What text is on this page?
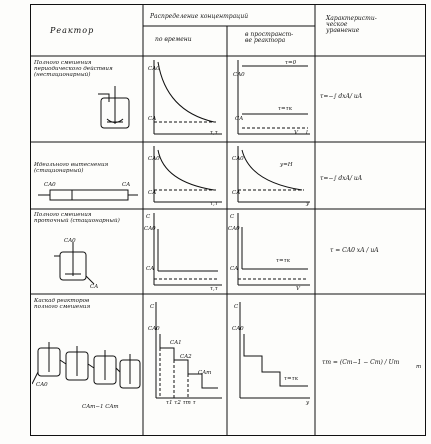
Реактор
Распределение концентраций
по времени
в пространст-
ве реактора
Характеристи-
ческое
уравнение
Полного смешения
периодического действия
(нестационарный)
CA0
CA
τ,τ
CA0
CA
τ=0
τ=τк
V l
τ=−∫ dxA/ uA
Идеального вытеснения
(стационарный)
CA0	CA
CA0
CA
τ,τ
CA0
CA
y=H
y
τ=−∫ dxA/ uA
Полного смешения
проточный (стационарный)
CA0
CA
C
CA0
CA
τ,τ
C
CA0
CA
τ=τк
V
τ = CA0 xA / uA
Каскад реакторов
полного смешения
CA0
CAm−1 CAm
C
CA0
CA1
CA2
CAm
τ1 τ2 τm τ
C
CA0
τ=τк
y
τm = (Cm−1 − Cm) / Um
m
